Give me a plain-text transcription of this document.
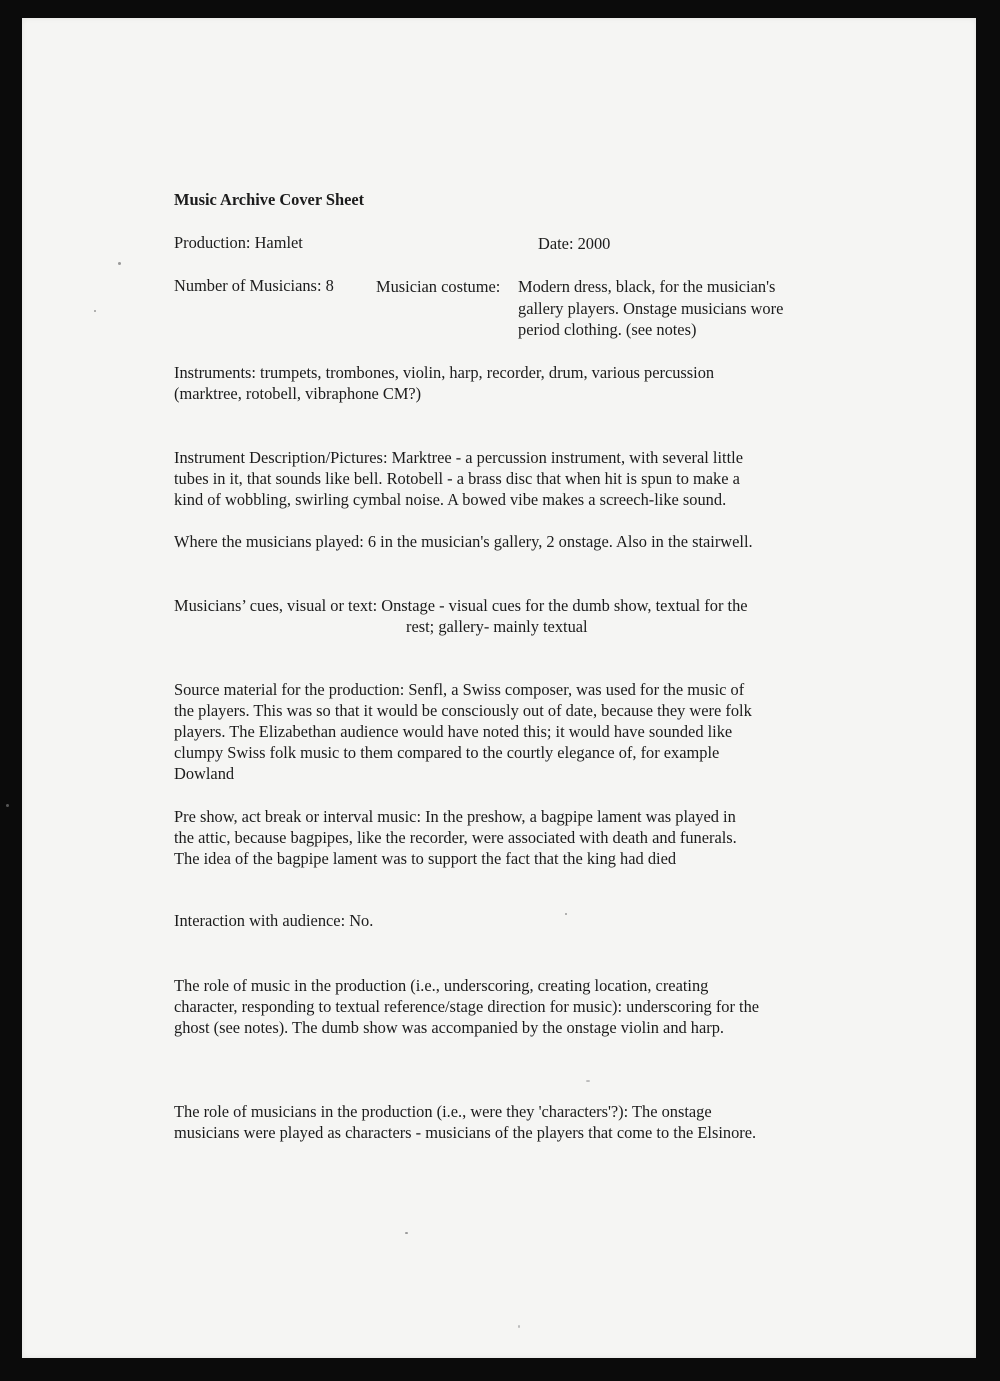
Music Archive Cover Sheet
Production: Hamlet	Date: 2000
Number of Musicians: 8	Musician costume: Modern dress, black, for the musician's
gallery players. Onstage musicians wore
period clothing. (see notes)
Instruments: trumpets, trombones, violin, harp, recorder, drum, various percussion
(marktree, rotobell, vibraphone CM?)
Instrument Description/Pictures: Marktree - a percussion instrument, with several little
tubes in it, that sounds like bell. Rotobell - a brass disc that when hit is spun to make a
kind of wobbling, swirling cymbal noise. A bowed vibe makes a screech-like sound.
Where the musicians played: 6 in the musician's gallery, 2 onstage. Also in the stairwell.
Musicians’ cues, visual or text: Onstage - visual cues for the dumb show, textual for the
rest; gallery- mainly textual
Source material for the production: Senfl, a Swiss composer, was used for the music of
the players. This was so that it would be consciously out of date, because they were folk
players. The Elizabethan audience would have noted this; it would have sounded like
clumpy Swiss folk music to them compared to the courtly elegance of, for example
Dowland
Pre show, act break or interval music: In the preshow, a bagpipe lament was played in
the attic, because bagpipes, like the recorder, were associated with death and funerals.
The idea of the bagpipe lament was to support the fact that the king had died
Interaction with audience: No.
The role of music in the production (i.e., underscoring, creating location, creating
character, responding to textual reference/stage direction for music): underscoring for the
ghost (see notes). The dumb show was accompanied by the onstage violin and harp.
The role of musicians in the production (i.e., were they 'characters'?): The onstage
musicians were played as characters - musicians of the players that come to the Elsinore.
